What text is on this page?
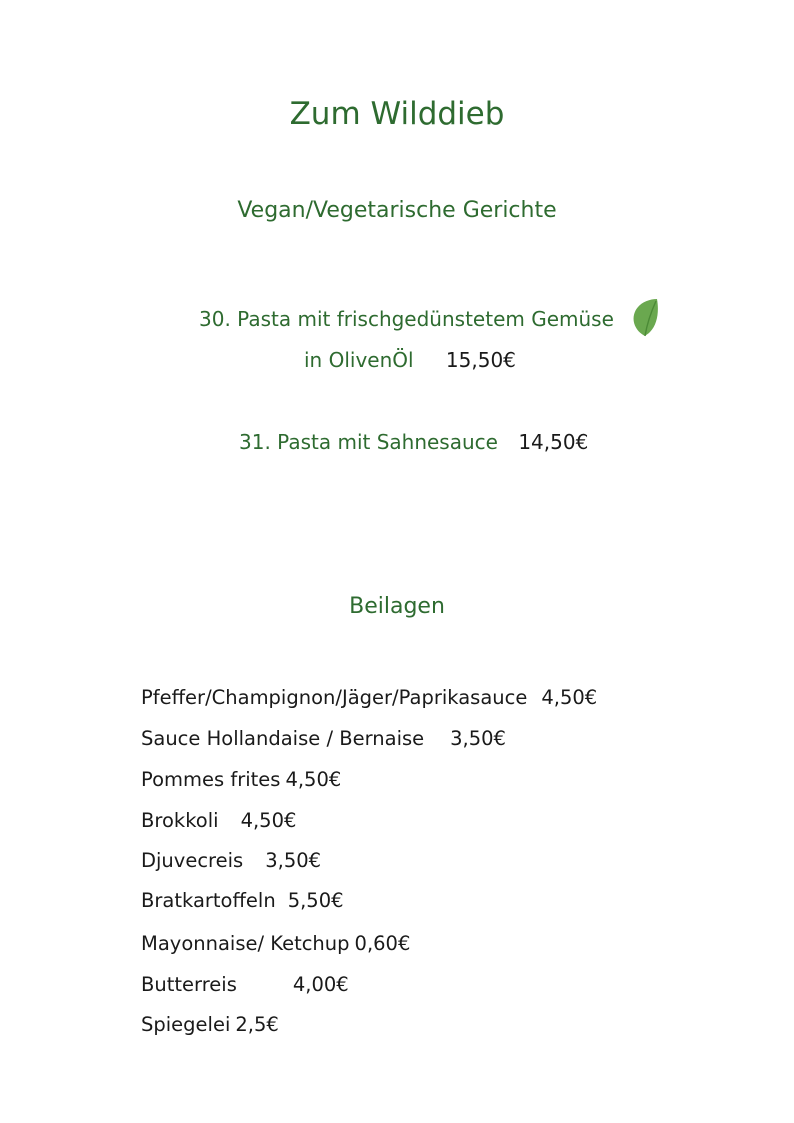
Zum Wilddieb
Vegan/Vegetarische Gerichte
30. Pasta mit frischgedünstetem Gemüse
in OlivenÖl 15,50€
31. Pasta mit Sahnesauce 14,50€
Beilagen
Pfeffer/Champignon/Jäger/Paprikasauce 4,50€
Sauce Hollandaise / Bernaise 3,50€
Pommes frites 4,50€
Brokkoli 4,50€
Djuvecreis 3,50€
Bratkartoffeln 5,50€
Mayonnaise/ Ketchup 0,60€
Butterreis	4,00€
Spiegelei 2,5€
